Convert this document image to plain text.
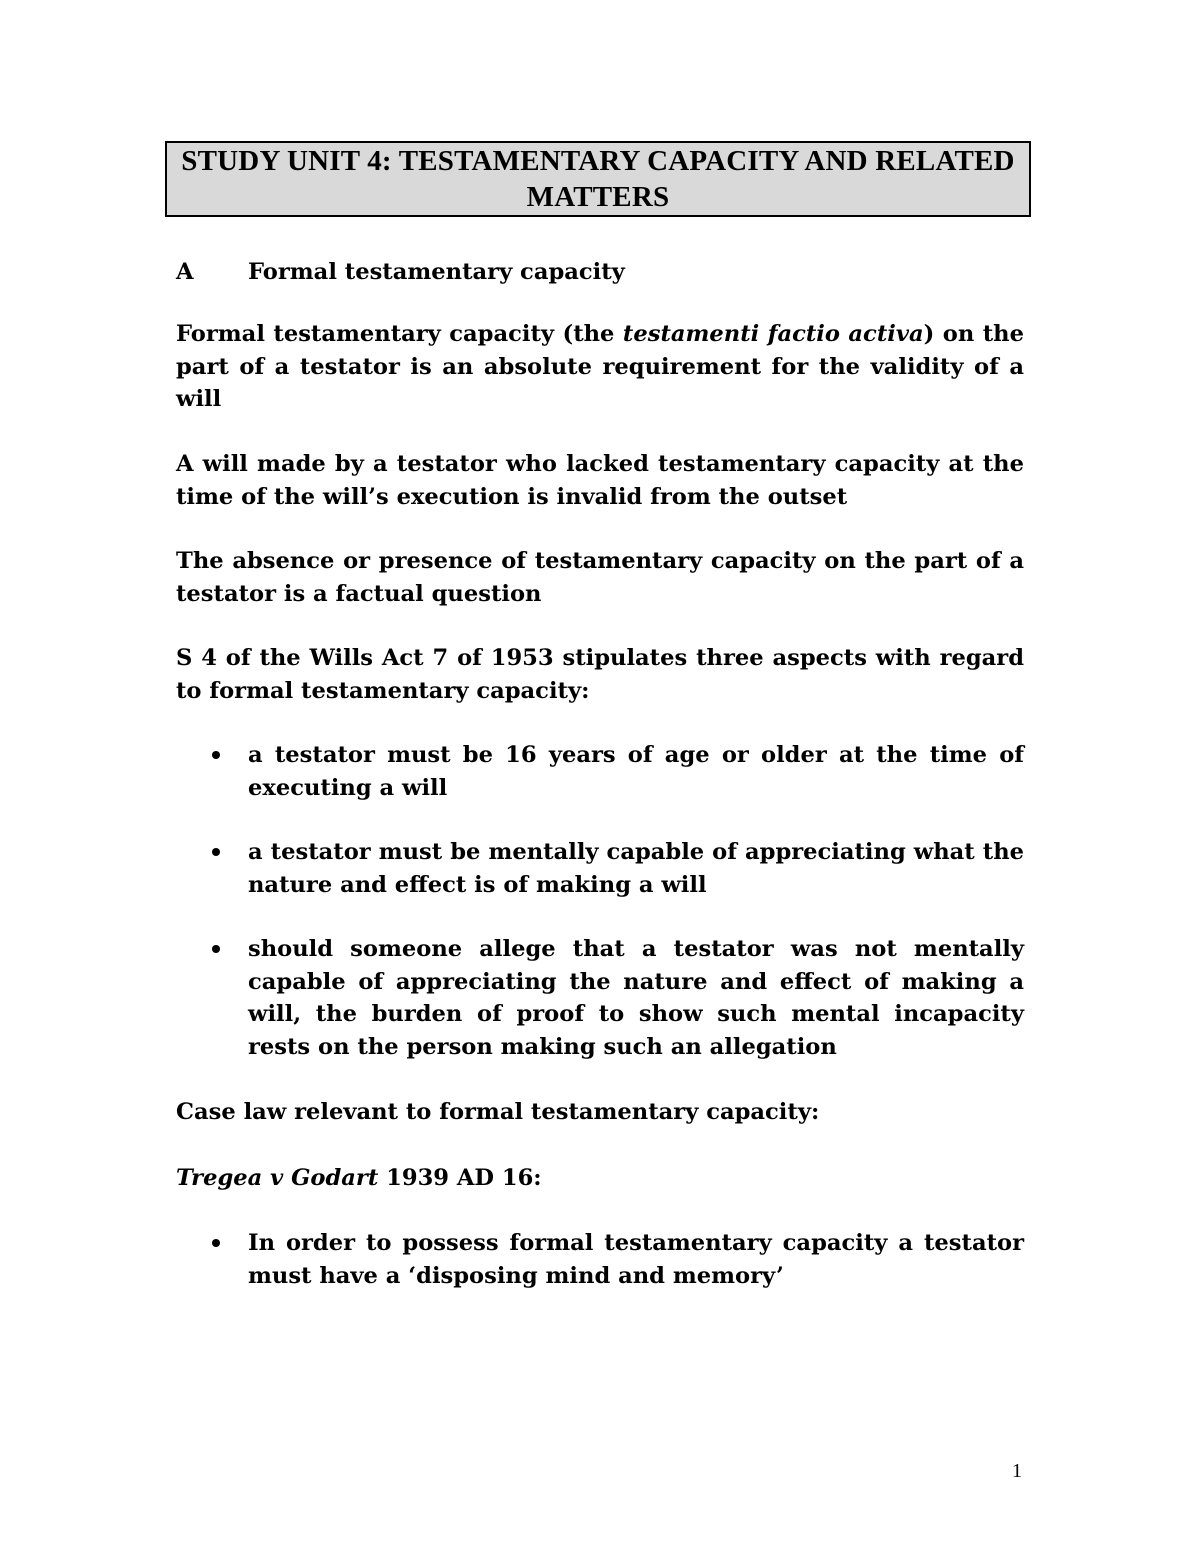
STUDY UNIT 4: TESTAMENTARY CAPACITY AND RELATED
MATTERS
A Formal testamentary capacity

Formal testamentary capacity (the testamenti factio activa) on the part of a testator is an absolute requirement for the validity of a will

A will made by a testator who lacked testamentary capacity at the time of the will’s execution is invalid from the outset

The absence or presence of testamentary capacity on the part of a testator is a factual question

S 4 of the Wills Act 7 of 1953 stipulates three aspects with regard to formal testamentary capacity:

a testator must be 16 years of age or older at the time of executing a will
a testator must be mentally capable of appreciating what the nature and effect is of making a will
should someone allege that a testator was not mentally capable of appreciating the nature and effect of making a will, the burden of proof to show such mental incapacity rests on the person making such an allegation

Case law relevant to formal testamentary capacity:

Tregea v Godart 1939 AD 16:

In order to possess formal testamentary capacity a testator must have a ‘disposing mind and memory’
1
